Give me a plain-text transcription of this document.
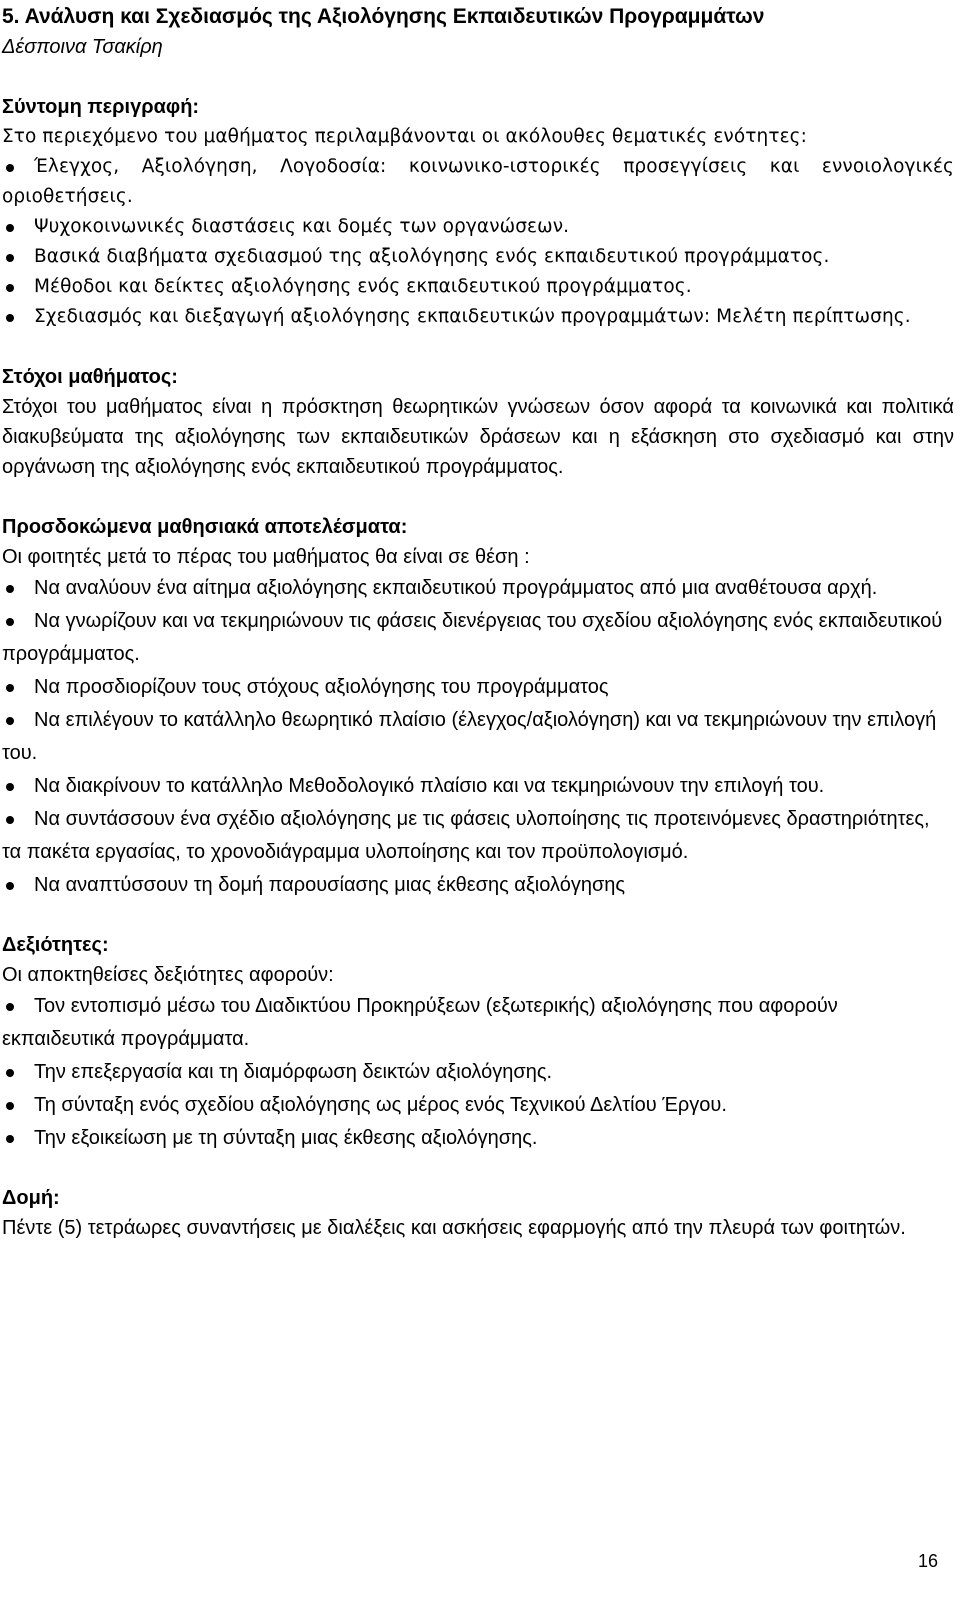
5. Ανάλυση και Σχεδιασμός της Αξιολόγησης Εκπαιδευτικών Προγραμμάτων

Δέσποινα Τσακίρη

Σύντομη περιγραφή:

Στο περιεχόμενο του μαθήματος περιλαμβάνονται οι ακόλουθες θεματικές ενότητες:

Έλεγχος, Αξιολόγηση, Λογοδοσία: κοινωνικο-ιστορικές προσεγγίσεις και εννοιολογικές οριοθετήσεις.
Ψυχοκοινωνικές διαστάσεις και δομές των οργανώσεων.
Βασικά διαβήματα σχεδιασμού της αξιολόγησης ενός εκπαιδευτικού προγράμματος.
Μέθοδοι και δείκτες αξιολόγησης ενός εκπαιδευτικού προγράμματος.
Σχεδιασμός και διεξαγωγή αξιολόγησης εκπαιδευτικών προγραμμάτων: Μελέτη περίπτωσης.
Στόχοι μαθήματος:

Στόχοι του μαθήματος είναι η πρόσκτηση θεωρητικών γνώσεων όσον αφορά τα κοινωνικά και πολιτικά διακυβεύματα της αξιολόγησης των εκπαιδευτικών δράσεων και η εξάσκηση στο σχεδιασμό και στην οργάνωση της αξιολόγησης ενός εκπαιδευτικού προγράμματος.

Προσδοκώμενα μαθησιακά αποτελέσματα:

Οι φοιτητές μετά το πέρας του μαθήματος θα είναι σε θέση :

Να αναλύουν ένα αίτημα αξιολόγησης εκπαιδευτικού προγράμματος από μια αναθέτουσα αρχή.
Να γνωρίζουν και να τεκμηριώνουν τις φάσεις διενέργειας του σχεδίου αξιολόγησης ενός εκπαιδευτικού προγράμματος.
Να προσδιορίζουν τους στόχους αξιολόγησης του προγράμματος
Να επιλέγουν το κατάλληλο θεωρητικό πλαίσιο (έλεγχος/αξιολόγηση) και να τεκμηριώνουν την επιλογή του.
Να διακρίνουν το κατάλληλο Μεθοδολογικό πλαίσιο και να τεκμηριώνουν την επιλογή του.
Να συντάσσουν ένα σχέδιο αξιολόγησης με τις φάσεις υλοποίησης τις προτεινόμενες δραστηριότητες, τα πακέτα εργασίας, το χρονοδιάγραμμα υλοποίησης και τον προϋπολογισμό.
Να αναπτύσσουν τη δομή παρουσίασης μιας έκθεσης αξιολόγησης
Δεξιότητες:

Οι αποκτηθείσες δεξιότητες αφορούν:

Τον εντοπισμό μέσω του Διαδικτύου Προκηρύξεων (εξωτερικής) αξιολόγησης που αφορούν εκπαιδευτικά προγράμματα.
Την επεξεργασία και τη διαμόρφωση δεικτών αξιολόγησης.
Τη σύνταξη ενός σχεδίου αξιολόγησης ως μέρος ενός Τεχνικού Δελτίου Έργου.
Την εξοικείωση με τη σύνταξη μιας έκθεσης αξιολόγησης.
Δομή:

Πέντε (5) τετράωρες συναντήσεις με διαλέξεις και ασκήσεις εφαρμογής από την πλευρά των φοιτητών.

16
